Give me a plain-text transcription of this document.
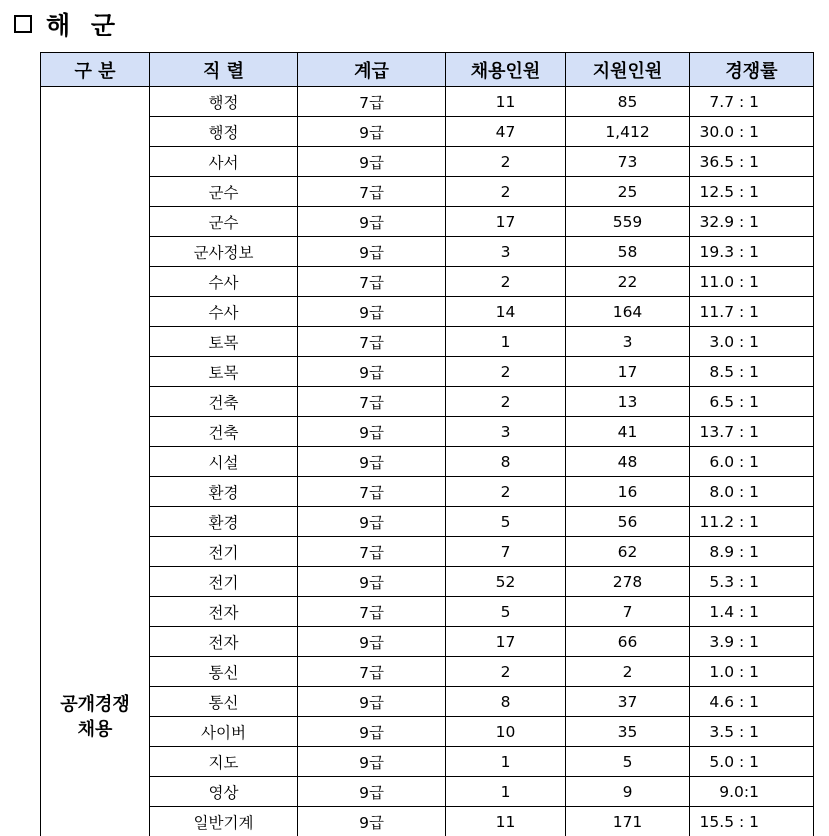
해 군
구 분	직 렬	계급	채용인원	지원인원	경쟁률

공개경쟁
채용	행정	7급	11	85	7.7 : 1
	행정	9급	47	1,412	30.0 : 1
	사서	9급	2	73	36.5 : 1
	군수	7급	2	25	12.5 : 1
	군수	9급	17	559	32.9 : 1
	군사정보	9급	3	58	19.3 : 1
	수사	7급	2	22	11.0 : 1
	수사	9급	14	164	11.7 : 1
	토목	7급	1	3	3.0 : 1
	토목	9급	2	17	8.5 : 1
	건축	7급	2	13	6.5 : 1
	건축	9급	3	41	13.7 : 1
	시설	9급	8	48	6.0 : 1
	환경	7급	2	16	8.0 : 1
	환경	9급	5	56	11.2 : 1
	전기	7급	7	62	8.9 : 1
	전기	9급	52	278	5.3 : 1
	전자	7급	5	7	1.4 : 1
	전자	9급	17	66	3.9 : 1
	통신	7급	2	2	1.0 : 1
	통신	9급	8	37	4.6 : 1
	사이버	9급	10	35	3.5 : 1
	지도	9급	1	5	5.0 : 1
	영상	9급	1	9	9.0:1
	일반기계	9급	11	171	15.5 : 1
